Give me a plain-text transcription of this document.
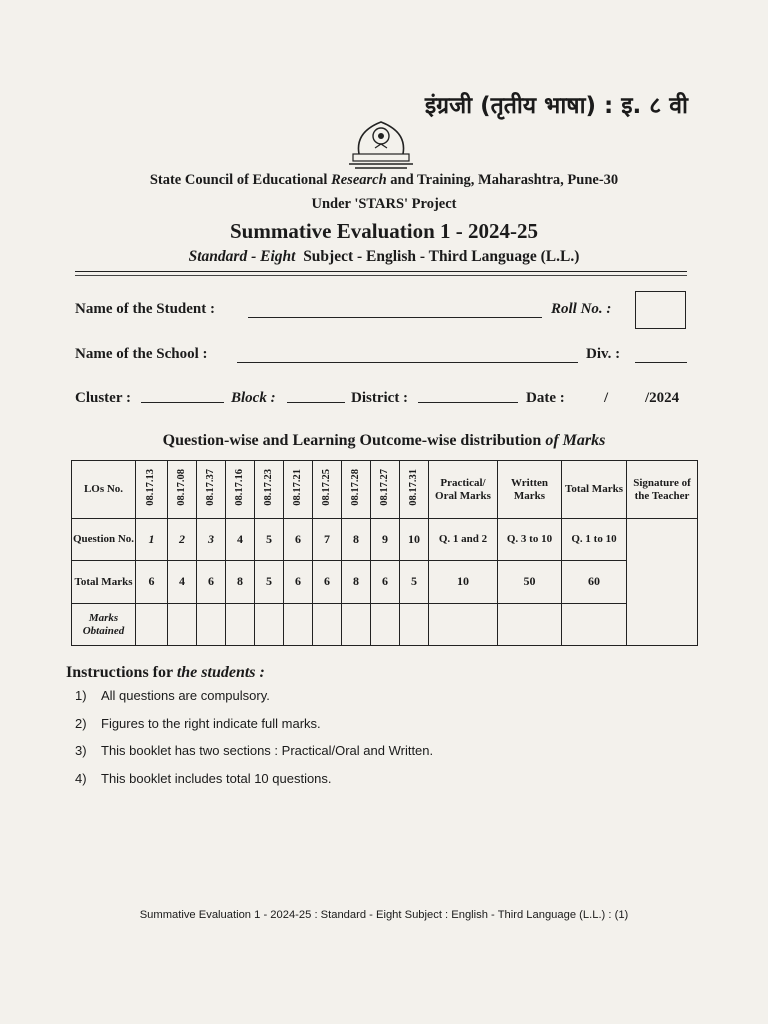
इंग्रजी (तृतीय भाषा) : इ. ८ वी
State Council of Educational Research and Training, Maharashtra, Pune-30
Under 'STARS' Project
Summative Evaluation 1 - 2024-25
Standard - Eight Subject - English - Third Language (L.L.)
Name of the Student :	Roll No. :
Name of the School :	Div. :
Cluster :	Block :	District :	Date :	/ /2024
Question-wise and Learning Outcome-wise distribution of Marks
LOs No.	08.17.13	08.17.08	08.17.37	08.17.16	08.17.23	08.17.21	08.17.25	08.17.28	08.17.27	08.17.31	Practical/ Oral Marks	Written Marks	Total Marks	Signature of the Teacher
Question No.	1	2	3	4	5	6	7	8	9	10	Q. 1 and 2	Q. 3 to 10	Q. 1 to 10	
Total Marks	6	4	6	8	5	6	6	8	6	5	10	50	60	
Marks Obtained														
Instructions for the students :
1)	All questions are compulsory.
2)	Figures to the right indicate full marks.
3)	This booklet has two sections : Practical/Oral and Written.
4)	This booklet includes total 10 questions.
Summative Evaluation 1 - 2024-25 : Standard - Eight Subject : English - Third Language (L.L.) : (1)
